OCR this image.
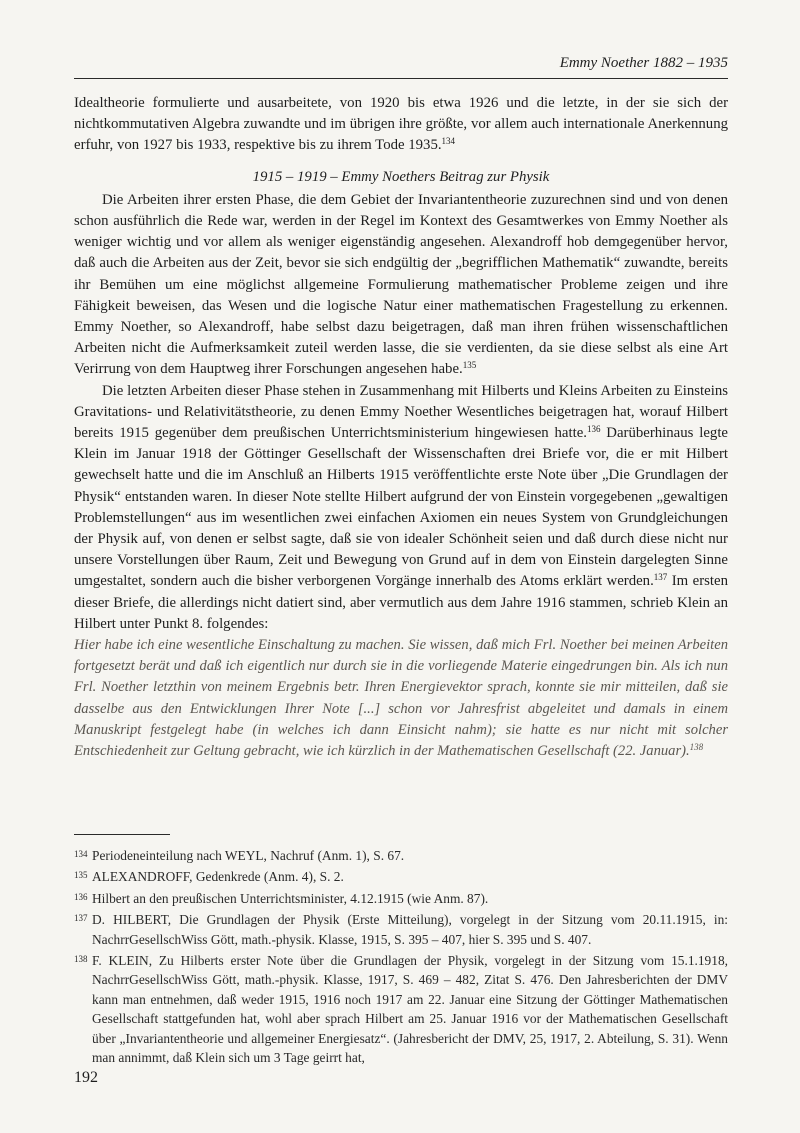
Emmy Noether 1882 – 1935

Idealtheorie formulierte und ausarbeitete, von 1920 bis etwa 1926 und die letzte, in der sie sich der nichtkommutativen Algebra zuwandte und im übrigen ihre größte, vor allem auch internationale Anerkennung erfuhr, von 1927 bis 1933, respektive bis zu ihrem Tode 1935.$^{134}$

1915 – 1919 – Emmy Noethers Beitrag zur Physik

Die Arbeiten ihrer ersten Phase, die dem Gebiet der Invariantentheorie zuzurechnen sind und von denen schon ausführlich die Rede war, werden in der Regel im Kontext des Gesamtwerkes von Emmy Noether als weniger wichtig und vor allem als weniger eigenständig angesehen. Alexandroff hob demgegenüber hervor, daß auch die Arbeiten aus der Zeit, bevor sie sich endgültig der „begrifflichen Mathematik“ zuwandte, bereits ihr Bemühen um eine möglichst allgemeine Formulierung mathematischer Probleme zeigen und ihre Fähigkeit beweisen, das Wesen und die logische Natur einer mathematischen Fragestellung zu erkennen. Emmy Noether, so Alexandroff, habe selbst dazu beigetragen, daß man ihren frühen wissenschaftlichen Arbeiten nicht die Aufmerksamkeit zuteil werden lasse, die sie verdienten, da sie diese selbst als eine Art Verirrung von dem Hauptweg ihrer Forschungen angesehen habe.$^{135}$

Die letzten Arbeiten dieser Phase stehen in Zusammenhang mit Hilberts und Kleins Arbeiten zu Einsteins Gravitations- und Relativitätstheorie, zu denen Emmy Noether Wesentliches beigetragen hat, worauf Hilbert bereits 1915 gegenüber dem preußischen Unterrichtsministerium hingewiesen hatte.$^{136}$ Darüberhinaus legte Klein im Januar 1918 der Göttinger Gesellschaft der Wissenschaften drei Briefe vor, die er mit Hilbert gewechselt hatte und die im Anschluß an Hilberts 1915 veröffentlichte erste Note über „Die Grundlagen der Physik“ entstanden waren. In dieser Note stellte Hilbert aufgrund der von Einstein vorgegebenen „gewaltigen Problemstellungen“ aus im wesentlichen zwei einfachen Axiomen ein neues System von Grundgleichungen der Physik auf, von denen er selbst sagte, daß sie von idealer Schönheit seien und daß durch diese nicht nur unsere Vorstellungen über Raum, Zeit und Bewegung von Grund auf in dem von Einstein dargelegten Sinne umgestaltet, sondern auch die bisher verborgenen Vorgänge innerhalb des Atoms erklärt werden.$^{137}$ Im ersten dieser Briefe, die allerdings nicht datiert sind, aber vermutlich aus dem Jahre 1916 stammen, schrieb Klein an Hilbert unter Punkt 8. folgendes:

Hier habe ich eine wesentliche Einschaltung zu machen. Sie wissen, daß mich Frl. Noether bei meinen Arbeiten fortgesetzt berät und daß ich eigentlich nur durch sie in die vorliegende Materie eingedrungen bin. Als ich nun Frl. Noether letzthin von meinem Ergebnis betr. Ihren Energievektor sprach, konnte sie mir mitteilen, daß sie dasselbe aus den Entwicklungen Ihrer Note [...] schon vor Jahresfrist abgeleitet und damals in einem Manuskript festgelegt habe (in welches ich dann Einsicht nahm); sie hatte es nur nicht mit solcher Entschiedenheit zur Geltung gebracht, wie ich kürzlich in der Mathematischen Gesellschaft (22. Januar).$^{138}$

134 Periodeneinteilung nach WEYL, Nachruf (Anm. 1), S. 67.
135 ALEXANDROFF, Gedenkrede (Anm. 4), S. 2.
136 Hilbert an den preußischen Unterrichtsminister, 4.12.1915 (wie Anm. 87).
137 D. HILBERT, Die Grundlagen der Physik (Erste Mitteilung), vorgelegt in der Sitzung vom 20.11.1915, in: NachrrGesellschWiss Gött, math.-physik. Klasse, 1915, S. 395 – 407, hier S. 395 und S. 407.
138 F. KLEIN, Zu Hilberts erster Note über die Grundlagen der Physik, vorgelegt in der Sitzung vom 15.1.1918, NachrrGesellschWiss Gött, math.-physik. Klasse, 1917, S. 469 – 482, Zitat S. 476. Den Jahresberichten der DMV kann man entnehmen, daß weder 1915, 1916 noch 1917 am 22. Januar eine Sitzung der Göttinger Mathematischen Gesellschaft stattgefunden hat, wohl aber sprach Hilbert am 25. Januar 1916 vor der Mathematischen Gesellschaft über „Invariantentheorie und allgemeiner Energiesatz“. (Jahresbericht der DMV, 25, 1917, 2. Abteilung, S. 31). Wenn man annimmt, daß Klein sich um 3 Tage geirrt hat,
192
